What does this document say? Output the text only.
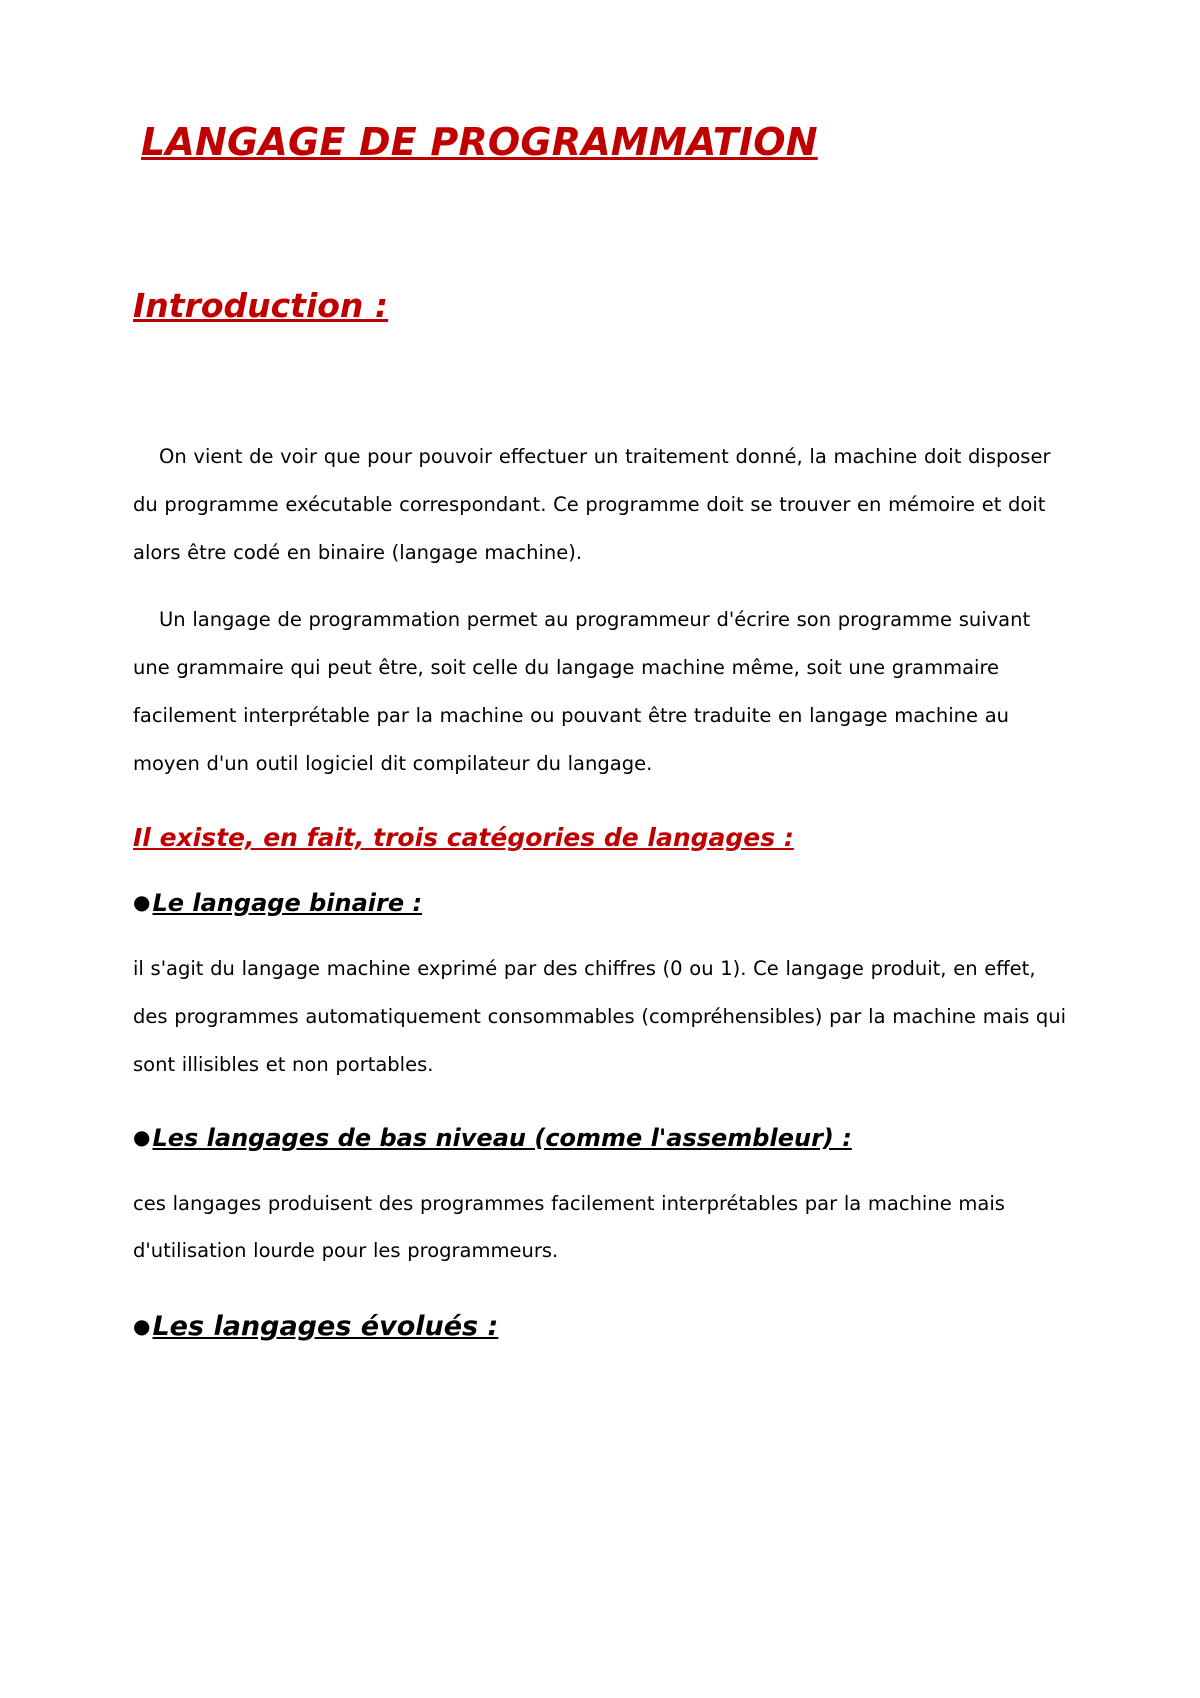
LANGAGE DE PROGRAMMATION
Introduction :

On vient de voir que pour pouvoir effectuer un traitement donné, la machine doit disposer du programme exécutable correspondant. Ce programme doit se trouver en mémoire et doit alors être codé en binaire (langage machine).

Un langage de programmation permet au programmeur d'écrire son programme suivant une grammaire qui peut être, soit celle du langage machine même, soit une grammaire facilement interprétable par la machine ou pouvant être traduite en langage machine au moyen d'un outil logiciel dit compilateur du langage.

Il existe, en fait, trois catégories de langages :

●Le langage binaire :

il s'agit du langage machine exprimé par des chiffres (0 ou 1). Ce langage produit, en effet, des programmes automatiquement consommables (compréhensibles) par la machine mais qui sont illisibles et non portables.

●Les langages de bas niveau (comme l'assembleur) :

ces langages produisent des programmes facilement interprétables par la machine mais d'utilisation lourde pour les programmeurs.

●Les langages évolués :
